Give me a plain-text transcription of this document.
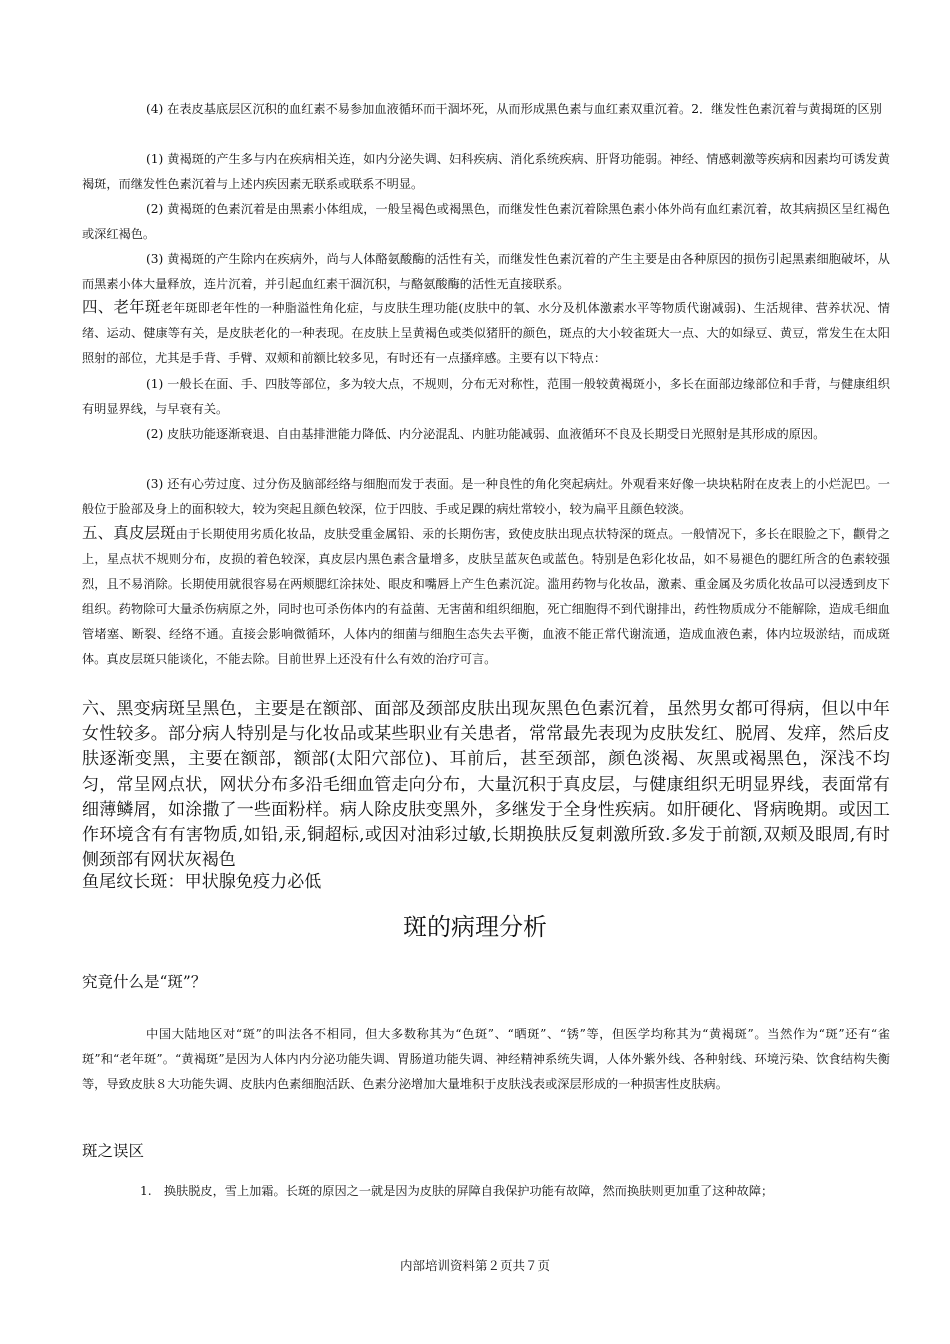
(4) 在表皮基底层区沉积的血红素不易参加血液循环而干涸坏死，从而形成黑色素与血红素双重沉着。2．继发性色素沉着与黄揭斑的区别

(1) 黄褐斑的产生多与内在疾病相关连，如内分泌失调、妇科疾病、消化系统疾病、肝肾功能弱。神经、情感刺激等疾病和因素均可诱发黄褐斑，而继发性色素沉着与上述内疾因素无联系或联系不明显。

(2) 黄褐斑的色素沉着是由黑素小体组成，一般呈褐色或褐黑色，而继发性色素沉着除黑色素小体外尚有血红素沉着，故其病损区呈红褐色或深红褐色。

(3) 黄褐斑的产生除内在疾病外，尚与人体酪氨酸酶的活性有关，而继发性色素沉着的产生主要是由各种原因的损伤引起黑素细胞破坏，从而黑素小体大量释放，连片沉着，并引起血红素干涸沉积，与酪氨酸酶的活性无直接联系。

四、老年斑老年斑即老年性的一种脂溢性角化症，与皮肤生理功能(皮肤中的氧、水分及机体激素水平等物质代谢减弱)、生活规律、营养状况、情绪、运动、健康等有关，是皮肤老化的一种表现。在皮肤上呈黄褐色或类似猪肝的颜色，斑点的大小较雀斑大一点、大的如绿豆、黄豆，常发生在太阳照射的部位，尤其是手背、手臂、双颊和前额比较多见，有时还有一点搔痒感。主要有以下特点：

(1) 一般长在面、手、四肢等部位，多为较大点，不规则，分布无对称性，范围一般较黄褐斑小，多长在面部边缘部位和手背，与健康组织有明显界线，与早衰有关。

(2) 皮肤功能逐渐衰退、自由基排泄能力降低、内分泌混乱、内脏功能减弱、血液循环不良及长期受日光照射是其形成的原因。

(3) 还有心劳过度、过分伤及脑部经络与细胞而发于表面。是一种良性的角化突起病灶。外观看来好像一块块粘附在皮表上的小烂泥巴。一般位于脸部及身上的面积较大，较为突起且颜色较深，位于四肢、手或足踝的病灶常较小，较为扁平且颜色较淡。

五、真皮层斑由于长期使用劣质化妆品，皮肤受重金属铅、汞的长期伤害，致使皮肤出现点状特深的斑点。一般情况下，多长在眼脸之下，颧骨之上，星点状不规则分布，皮损的着色较深，真皮层内黑色素含量增多，皮肤呈蓝灰色或蓝色。特别是色彩化妆品，如不易褪色的腮红所含的色素较强烈，且不易消除。长期使用就很容易在两颊腮红涂抹处、眼皮和嘴唇上产生色素沉淀。滥用药物与化妆品，激素、重金属及劣质化妆品可以浸透到皮下组织。药物除可大量杀伤病原之外，同时也可杀伤体内的有益菌、无害菌和组织细胞，死亡细胞得不到代谢排出，药性物质成分不能解除，造成毛细血管堵塞、断裂、经络不通。直接会影响微循环，人体内的细菌与细胞生态失去平衡，血液不能正常代谢流通，造成血液色素，体内垃圾淤结，而成斑体。真皮层斑只能谈化，不能去除。目前世界上还没有什么有效的治疗可言。

六、黑变病斑呈黑色，主要是在额部、面部及颈部皮肤出现灰黑色色素沉着，虽然男女都可得病，但以中年女性较多。部分病人特别是与化妆品或某些职业有关患者，常常最先表现为皮肤发红、脱屑、发痒，然后皮肤逐渐变黑，主要在额部，额部(太阳穴部位)、耳前后，甚至颈部，颜色淡褐、灰黑或褐黑色，深浅不均匀，常呈网点状，网状分布多沿毛细血管走向分布，大量沉积于真皮层，与健康组织无明显界线，表面常有细薄鳞屑，如涂撒了一些面粉样。病人除皮肤变黑外，多继发于全身性疾病。如肝硬化、肾病晚期。或因工作环境含有有害物质,如铅,汞,铜超标,或因对油彩过敏,长期换肤反复刺激所致.多发于前额,双颊及眼周,有时侧颈部有网状灰褐色

鱼尾纹长斑：甲状腺免疫力必低

斑的病理分析

究竟什么是“斑”？

中国大陆地区对“斑”的叫法各不相同，但大多数称其为“色斑”、“晒斑”、“锈”等，但医学均称其为“黄褐斑”。当然作为“斑”还有“雀斑”和“老年斑”。“黄褐斑”是因为人体内内分泌功能失调、胃肠道功能失调、神经精神系统失调，人体外紫外线、各种射线、环境污染、饮食结构失衡等，导致皮肤８大功能失调、皮肤内色素细胞活跃、色素分泌增加大量堆积于皮肤浅表或深层形成的一种损害性皮肤病。

斑之误区

1.　换肤脱皮，雪上加霜。长斑的原因之一就是因为皮肤的屏障自我保护功能有故障，然而换肤则更加重了这种故障；

内部培训资料第２页共７页
